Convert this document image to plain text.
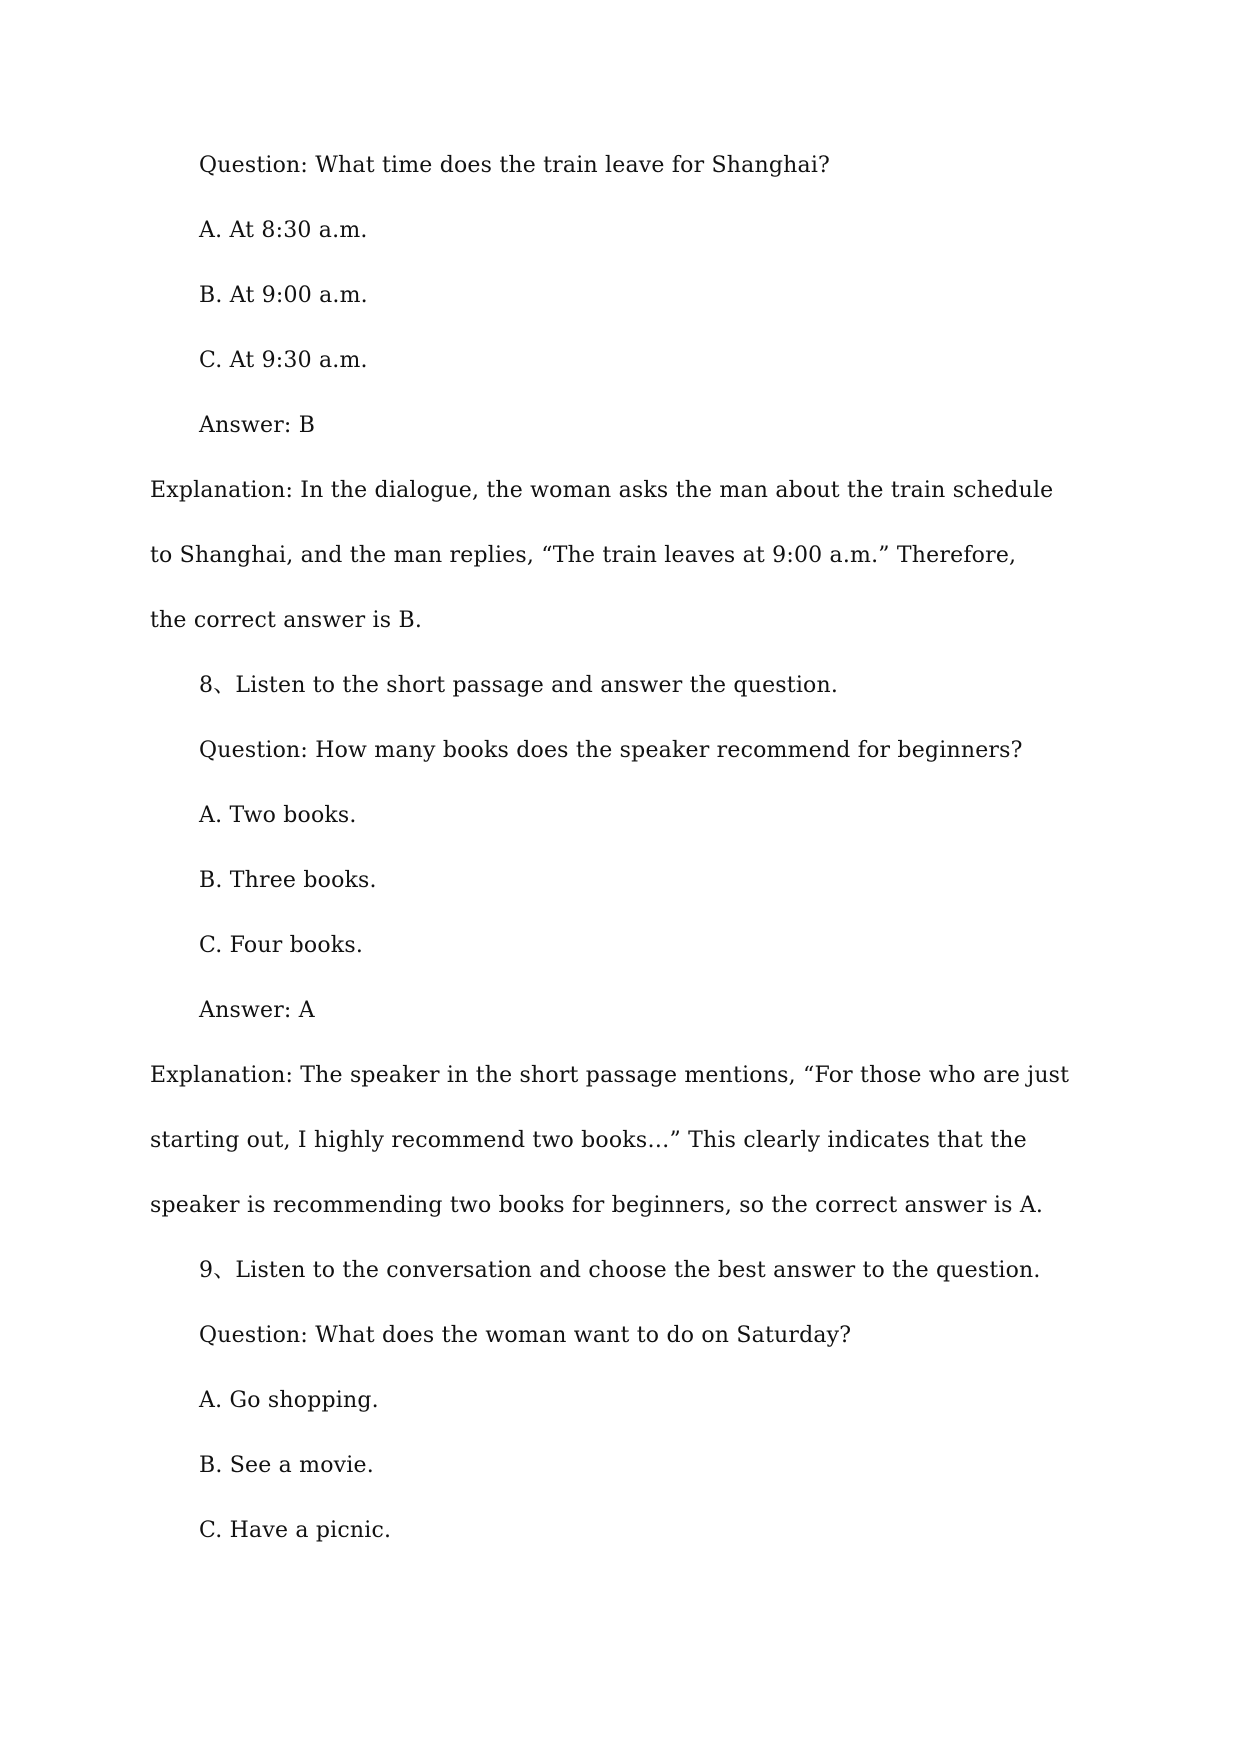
Question: What time does the train leave for Shanghai?
A. At 8:30 a.m.
B. At 9:00 a.m.
C. At 9:30 a.m.
Answer: B
Explanation: In the dialogue, the woman asks the man about the train schedule
to Shanghai, and the man replies, “The train leaves at 9:00 a.m.” Therefore,
the correct answer is B.
8、Listen to the short passage and answer the question.
Question: How many books does the speaker recommend for beginners?
A. Two books.
B. Three books.
C. Four books.
Answer: A
Explanation: The speaker in the short passage mentions, “For those who are just
starting out, I highly recommend two books…” This clearly indicates that the
speaker is recommending two books for beginners, so the correct answer is A.
9、Listen to the conversation and choose the best answer to the question.
Question: What does the woman want to do on Saturday?
A. Go shopping.
B. See a movie.
C. Have a picnic.
